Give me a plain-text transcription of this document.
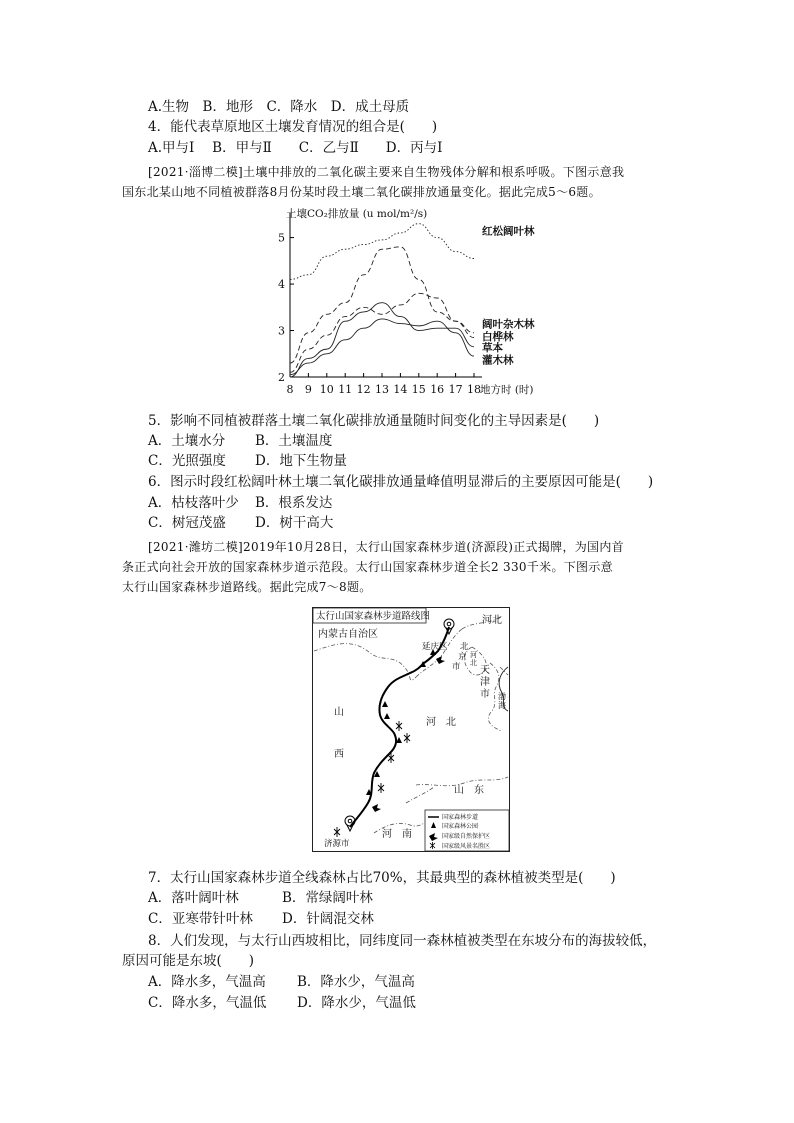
A.生物　B．地形　C．降水　D．成土母质
4．能代表草原地区土壤发育情况的组合是(　　)
A.甲与Ⅰ　 B．甲与Ⅱ　　C．乙与Ⅱ　　D．丙与Ⅰ
[2021·淄博二模]土壤中排放的二氧化碳主要来自生物残体分解和根系呼吸。下图示意我
国东北某山地不同植被群落8月份某时段土壤二氧化碳排放通量变化。据此完成5～6题。
2
3
4
5
8 9 10 11 12 13 14 15 16 17 18
土壤CO₂排放量 (u mol/m²/s)
地方时 (时)
红松阔叶林
阔叶杂木林
白桦林
草本
灌木林
5．影响不同植被群落土壤二氧化碳排放通量随时间变化的主导因素是(　　)
A．土壤水分 B．土壤温度
C．光照强度 D．地下生物量
6．图示时段红松阔叶林土壤二氧化碳排放通量峰值明显滞后的主要原因可能是(　　)
A．枯枝落叶少 B．根系发达
C．树冠茂盛 D．树干高大
[2021·潍坊二模]2019年10月28日，太行山国家森林步道(济源段)正式揭牌，为国内首
条正式向社会开放的国家森林步道示范段。太行山国家森林步道全长2 330千米。下图示意
太行山国家森林步道路线。据此完成7～8题。
太行山国家森林步道路线图
内蒙古自治区
河北
山
西
河　北
山　东
河　南
延庆区 北
京
市
济源市
河
北
天
津
市 渤
海
国家森林步道
国家森林公园
国家级自然保护区
国家级风景名胜区
7．太行山国家森林步道全线森林占比70%，其最典型的森林植被类型是(　　)
A．落叶阔叶林	B．常绿阔叶林
C．亚寒带针叶林 D．针阔混交林
8．人们发现，与太行山西坡相比，同纬度同一森林植被类型在东坡分布的海拔较低，
原因可能是东坡(　　)
A．降水多，气温高 B．降水少，气温高
C．降水多，气温低 D．降水少，气温低
